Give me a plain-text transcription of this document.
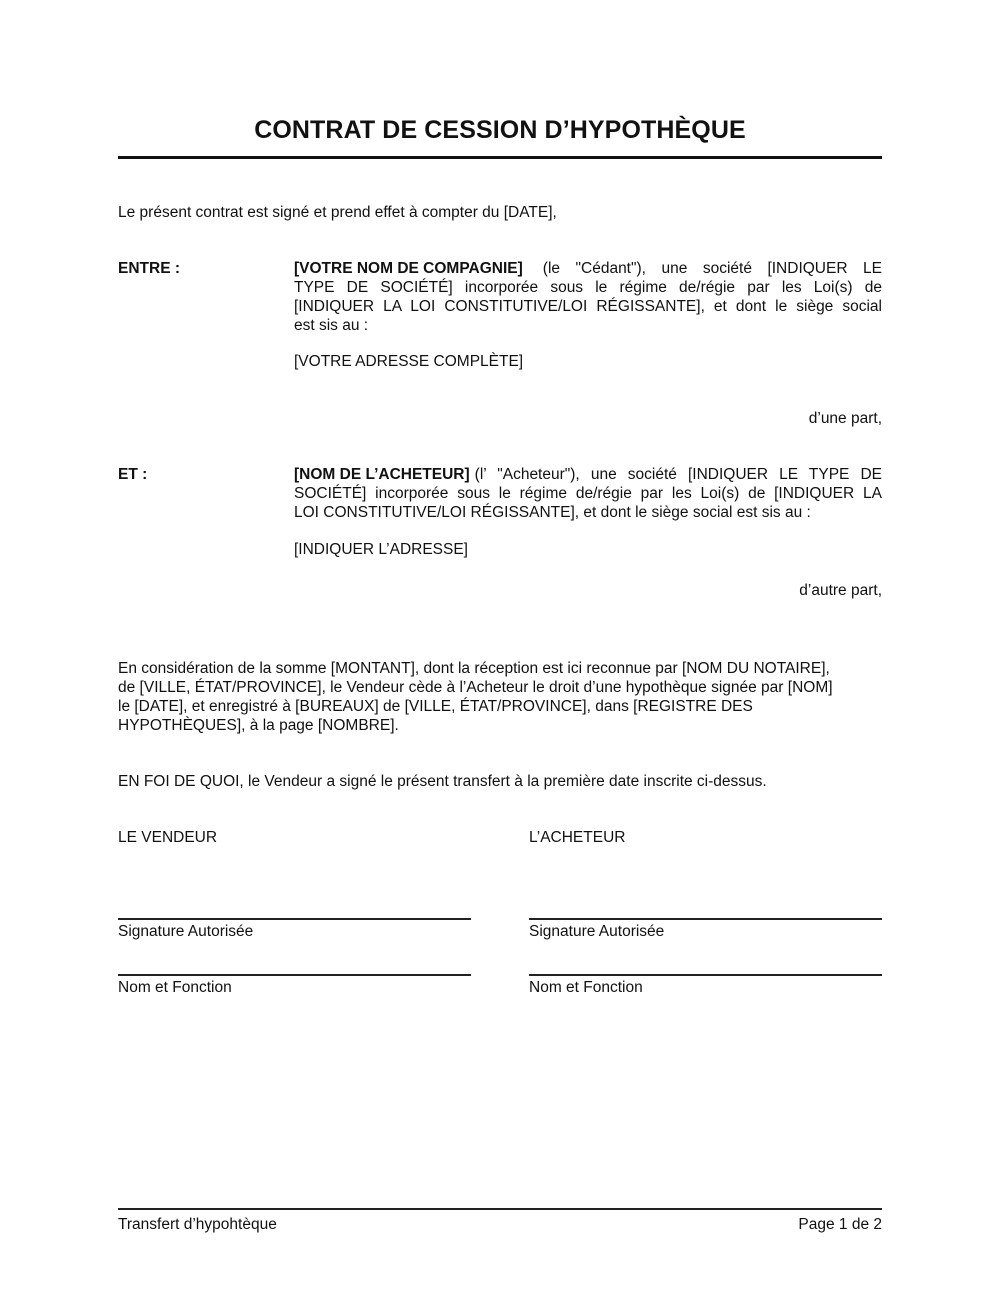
CONTRAT DE CESSION D’HYPOTHÈQUE
Le présent contrat est signé et prend effet à compter du [DATE],
ENTRE :	[VOTRE NOM DE COMPAGNIE]	(le "Cédant"), une société [INDIQUER LE
TYPE DE SOCIÉTÉ] incorporée sous le régime de/régie par les Loi(s) de
[INDIQUER LA LOI CONSTITUTIVE/LOI RÉGISSANTE], et dont le siège social
est sis au :
[VOTRE ADRESSE COMPLÈTE]
d’une part,
ET :	[NOM DE L’ACHETEUR] (l’ "Acheteur"), une société [INDIQUER LE TYPE DE
SOCIÉTÉ] incorporée sous le régime de/régie par les Loi(s) de [INDIQUER LA
LOI CONSTITUTIVE/LOI RÉGISSANTE], et dont le siège social est sis au :
[INDIQUER L’ADRESSE]
d’autre part,
En considération de la somme [MONTANT], dont la réception est ici reconnue par [NOM DU NOTAIRE],
de [VILLE, ÉTAT/PROVINCE], le Vendeur cède à l’Acheteur le droit d’une hypothèque signée par [NOM]
le [DATE], et enregistré à [BUREAUX] de [VILLE, ÉTAT/PROVINCE], dans [REGISTRE DES
HYPOTHÈQUES], à la page [NOMBRE].
EN FOI DE QUOI, le Vendeur a signé le présent transfert à la première date inscrite ci-dessus.
LE VENDEUR
Signature Autorisée
Nom et Fonction
L’ACHETEUR
Signature Autorisée
Nom et Fonction
Transfert d’hypohtèque	Page 1 de 2
